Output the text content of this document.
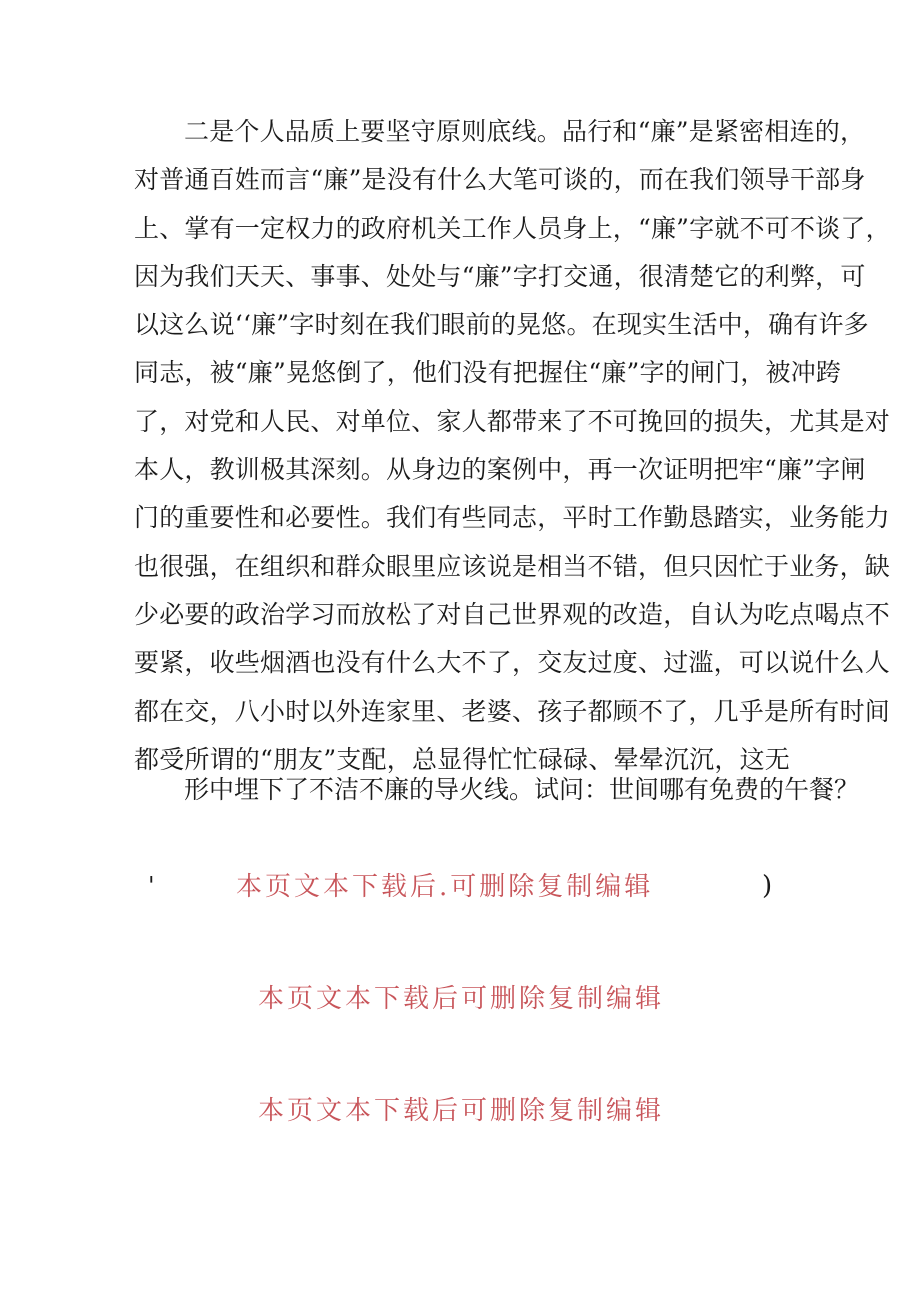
二是个人品质上要坚守原则底线。品行和“廉”是紧密相连的，
对普通百姓而言“廉”是没有什么大笔可谈的，而在我们领导干部身
上、掌有一定权力的政府机关工作人员身上，“廉”字就不可不谈了，
因为我们天天、事事、处处与“廉”字打交通，很清楚它的利弊，可
以这么说‘‘廉”字时刻在我们眼前的晃悠。在现实生活中，确有许多
同志，被“廉”晃悠倒了，他们没有把握住“廉”字的闸门，被冲跨
了，对党和人民、对单位、家人都带来了不可挽回的损失，尤其是对
本人，教训极其深刻。从身边的案例中，再一次证明把牢“廉”字闸
门的重要性和必要性。我们有些同志，平时工作勤恳踏实，业务能力
也很强，在组织和群众眼里应该说是相当不错，但只因忙于业务，缺
少必要的政治学习而放松了对自己世界观的改造，自认为吃点喝点不
要紧，收些烟酒也没有什么大不了，交友过度、过滥，可以说什么人
都在交，八小时以外连家里、老婆、孩子都顾不了，几乎是所有时间
都受所谓的“朋友”支配，总显得忙忙碌碌、晕晕沉沉，这无
形中埋下了不洁不廉的导火线。试问：世间哪有免费的午餐？
'	本页文本下载后.可删除复制编辑	)
本页文本下载后可删除复制编辑
本页文本下载后可删除复制编辑
